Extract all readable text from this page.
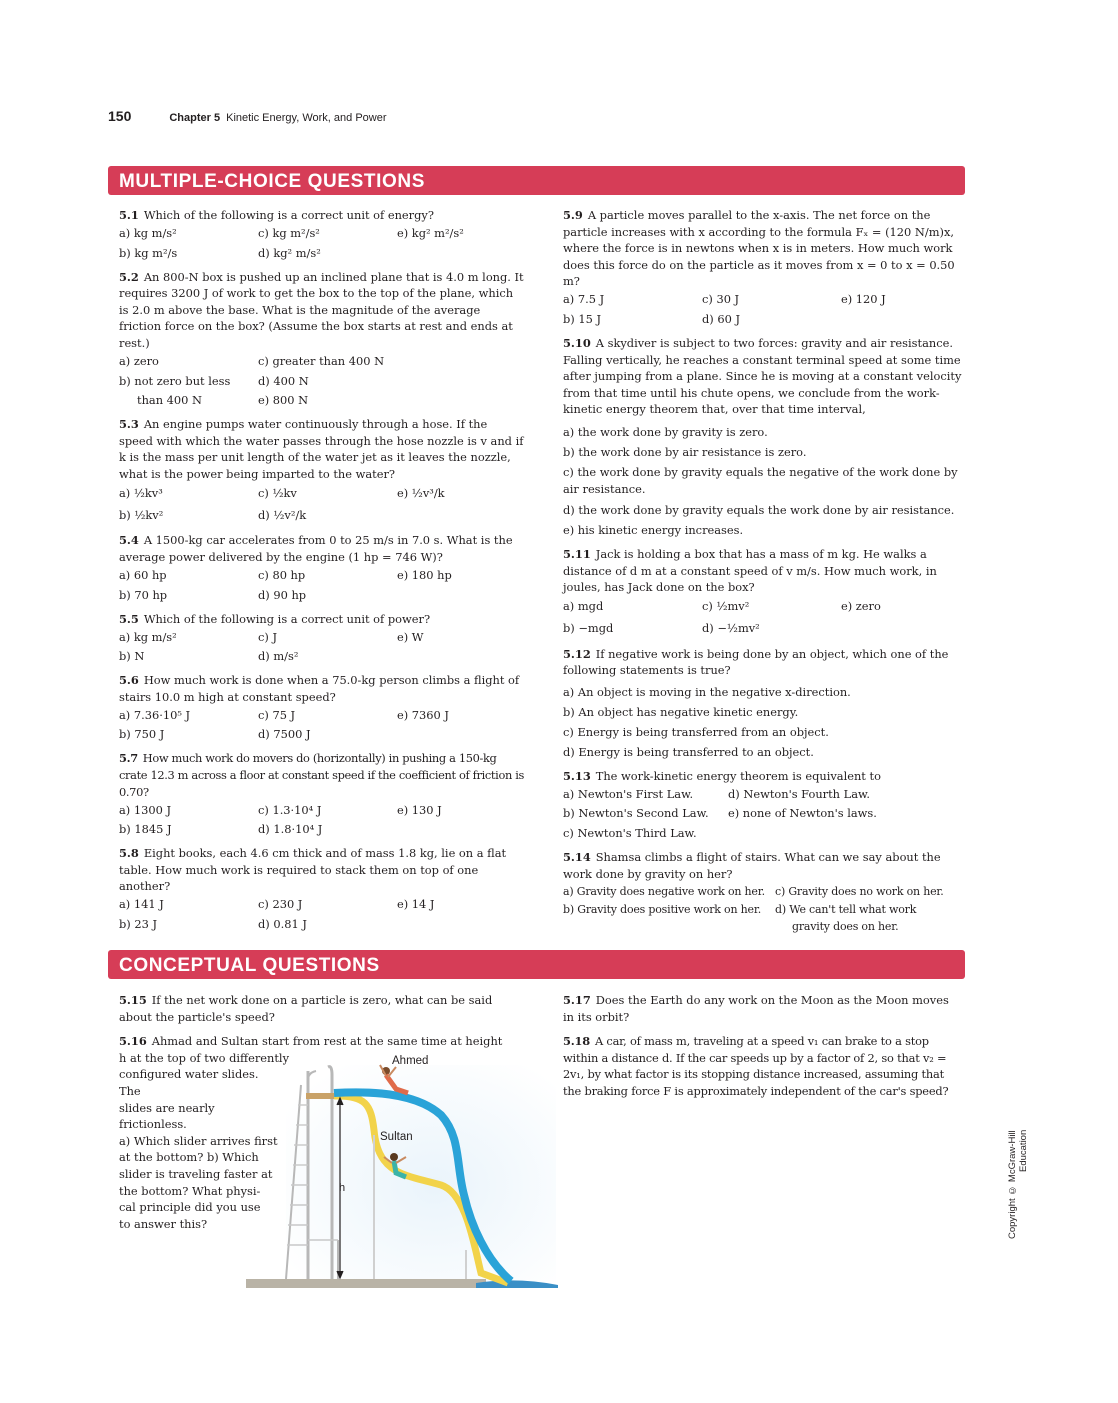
150	Chapter 5 Kinetic Energy, Work, and Power
MULTIPLE-CHOICE QUESTIONS
5.1 Which of the following is a correct unit of energy?
a) kg m/s²	c) kg m²/s²	e) kg² m²/s²
b) kg m²/s	d) kg² m/s²
5.2 An 800-N box is pushed up an inclined plane that is 4.0 m long. It requires 3200 J of work to get the box to the top of the plane, which is 2.0 m above the base. What is the magnitude of the average friction force on the box? (Assume the box starts at rest and ends at rest.)
a) zero	c) greater than 400 N
b) not zero but less	d) 400 N
than 400 N	e) 800 N
5.3 An engine pumps water continuously through a hose. If the speed with which the water passes through the hose nozzle is v and if k is the mass per unit length of the water jet as it leaves the nozzle, what is the power being imparted to the water?
a) ½kv³	c) ½kv	e) ½v³/k
b) ½kv²	d) ½v²/k
5.4 A 1500-kg car accelerates from 0 to 25 m/s in 7.0 s. What is the average power delivered by the engine (1 hp = 746 W)?
a) 60 hp	c) 80 hp	e) 180 hp
b) 70 hp	d) 90 hp
5.5 Which of the following is a correct unit of power?
a) kg m/s²	c) J	e) W
b) N	d) m/s²
5.6 How much work is done when a 75.0-kg person climbs a flight of stairs 10.0 m high at constant speed?
a) 7.36·10⁵ J	c) 75 J	e) 7360 J
b) 750 J	d) 7500 J
5.7 How much work do movers do (horizontally) in pushing a 150-kg crate 12.3 m across a floor at constant speed if the coefficient of friction is 0.70?
a) 1300 J	c) 1.3·10⁴ J	e) 130 J
b) 1845 J	d) 1.8·10⁴ J
5.8 Eight books, each 4.6 cm thick and of mass 1.8 kg, lie on a flat table. How much work is required to stack them on top of one another?
a) 141 J	c) 230 J	e) 14 J
b) 23 J	d) 0.81 J
5.9 A particle moves parallel to the x-axis. The net force on the particle increases with x according to the formula Fₓ = (120 N/m)x, where the force is in newtons when x is in meters. How much work does this force do on the particle as it moves from x = 0 to x = 0.50 m?
a) 7.5 J	c) 30 J	e) 120 J
b) 15 J	d) 60 J
5.10 A skydiver is subject to two forces: gravity and air resistance. Falling vertically, he reaches a constant terminal speed at some time after jumping from a plane. Since he is moving at a constant velocity from that time until his chute opens, we conclude from the work-kinetic energy theorem that, over that time interval,
a) the work done by gravity is zero.
b) the work done by air resistance is zero.
c) the work done by gravity equals the negative of the work done by air resistance.
d) the work done by gravity equals the work done by air resistance.
e) his kinetic energy increases.
5.11 Jack is holding a box that has a mass of m kg. He walks a distance of d m at a constant speed of v m/s. How much work, in joules, has Jack done on the box?
a) mgd	c) ½mv²	e) zero
b) −mgd	d) −½mv²
5.12 If negative work is being done by an object, which one of the following statements is true?
a) An object is moving in the negative x-direction.
b) An object has negative kinetic energy.
c) Energy is being transferred from an object.
d) Energy is being transferred to an object.
5.13 The work-kinetic energy theorem is equivalent to
a) Newton's First Law.	d) Newton's Fourth Law.
b) Newton's Second Law.	e) none of Newton's laws.
c) Newton's Third Law.
5.14 Shamsa climbs a flight of stairs. What can we say about the work done by gravity on her?
a) Gravity does negative work on her. c) Gravity does no work on her.
b) Gravity does positive work on her.	d) We can't tell what work
gravity does on her.
CONCEPTUAL QUESTIONS
5.15 If the net work done on a particle is zero, what can be said about the particle's speed?
5.16 Ahmad and Sultan start from rest at the same time at height h at the top of two differently
configured water slides. The
slides are nearly frictionless.
a) Which slider arrives first
at the bottom? b) Which
slider is traveling faster at
the bottom? What physi-
cal principle did you use
to answer this?
5.17 Does the Earth do any work on the Moon as the Moon moves in its orbit?
5.18 A car, of mass m, traveling at a speed v₁ can brake to a stop within a distance d. If the car speeds up by a factor of 2, so that v₂ = 2v₁, by what factor is its stopping distance increased, assuming that the braking force F is approximately independent of the car's speed?
h
Ahmed
Sultan	Copyright © McGraw-Hill Education
